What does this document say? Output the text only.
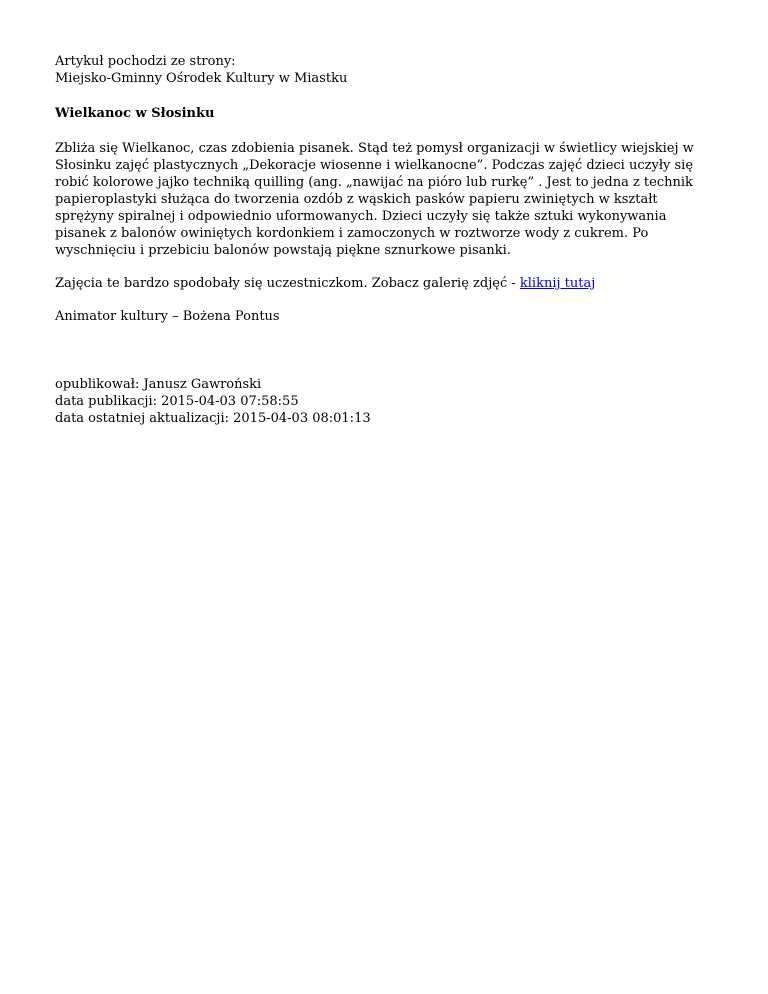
Artykuł pochodzi ze strony:

Miejsko-Gminny Ośrodek Kultury w Miastku

Wielkanoc w Słosinku

Zbliża się Wielkanoc, czas zdobienia pisanek. Stąd też pomysł organizacji w świetlicy wiejskiej w Słosinku zajęć plastycznych „Dekoracje wiosenne i wielkanocne”. Podczas zajęć dzieci uczyły się robić kolorowe jajko techniką quilling (ang. „nawijać na pióro lub rurkę” . Jest to jedna z technik papieroplastyki służąca do tworzenia ozdób z wąskich pasków papieru zwiniętych w kształt sprężyny spiralnej i odpowiednio uformowanych. Dzieci uczyły się także sztuki wykonywania pisanek z balonów owiniętych kordonkiem i zamoczonych w roztworze wody z cukrem. Po wyschnięciu i przebiciu balonów powstają piękne sznurkowe pisanki.

Zajęcia te bardzo spodobały się uczestniczkom. Zobacz galerię zdjęć - kliknij tutaj

Animator kultury – Bożena Pontus

opublikował: Janusz Gawroński

data publikacji: 2015-04-03 07:58:55

data ostatniej aktualizacji: 2015-04-03 08:01:13
